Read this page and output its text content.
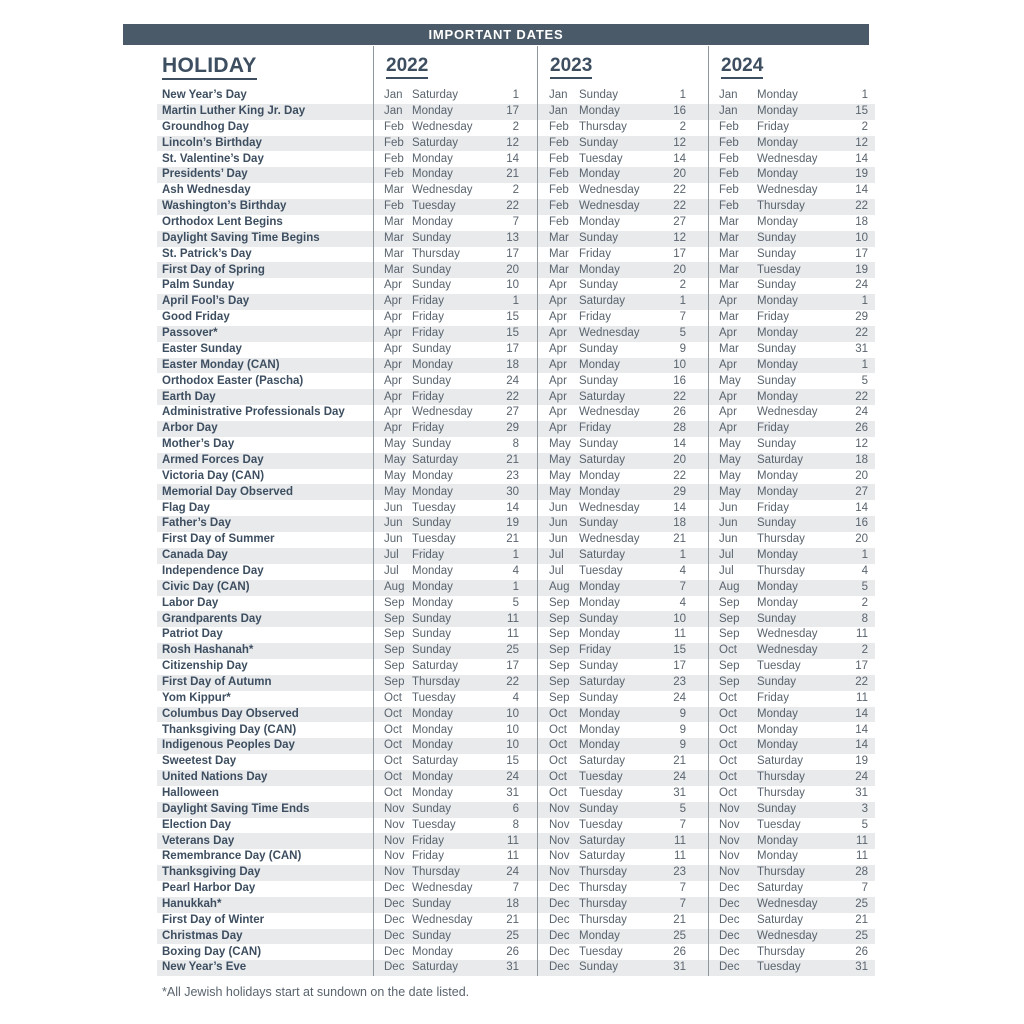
IMPORTANT DATES
HOLIDAY	2022	2023	2024
New Year’s Day	Jan Saturday	1	Jan Sunday	1	Jan	Monday	1
Martin Luther King Jr. Day	Jan Monday	17	Jan Monday	16	Jan	Monday	15
Groundhog Day	Feb Wednesday	2	Feb Thursday	2	Feb	Friday	2
Lincoln’s Birthday	Feb Saturday	12	Feb Sunday	12	Feb	Monday	12
St. Valentine’s Day	Feb Monday	14	Feb Tuesday	14	Feb	Wednesday	14
Presidents’ Day	Feb Monday	21	Feb Monday	20	Feb	Monday	19
Ash Wednesday	Mar Wednesday	2	Feb Wednesday	22	Feb	Wednesday	14
Washington’s Birthday	Feb Tuesday	22	Feb Wednesday	22	Feb	Thursday	22
Orthodox Lent Begins	Mar Monday	7	Feb Monday	27	Mar	Monday	18
Daylight Saving Time Begins	Mar Sunday	13	Mar Sunday	12	Mar	Sunday	10
St. Patrick’s Day	Mar Thursday	17	Mar Friday	17	Mar	Sunday	17
First Day of Spring	Mar Sunday	20	Mar Monday	20	Mar	Tuesday	19
Palm Sunday	Apr Sunday	10	Apr	Sunday	2	Mar	Sunday	24
April Fool’s Day	Apr Friday	1	Apr	Saturday	1	Apr	Monday	1
Good Friday	Apr Friday	15	Apr	Friday	7	Mar	Friday	29
Passover*	Apr Friday	15	Apr	Wednesday	5	Apr	Monday	22
Easter Sunday	Apr Sunday	17	Apr	Sunday	9	Mar	Sunday	31
Easter Monday (CAN)	Apr Monday	18	Apr	Monday	10	Apr	Monday	1
Orthodox Easter (Pascha)	Apr Sunday	24	Apr	Sunday	16	May	Sunday	5
Earth Day	Apr Friday	22	Apr	Saturday	22	Apr	Monday	22
Administrative Professionals Day	Apr Wednesday	27	Apr	Wednesday	26	Apr	Wednesday	24
Arbor Day	Apr Friday	29	Apr	Friday	28	Apr	Friday	26
Mother’s Day	May Sunday	8	May Sunday	14	May	Sunday	12
Armed Forces Day	May Saturday	21	May Saturday	20	May	Saturday	18
Victoria Day (CAN)	May Monday	23	May Monday	22	May	Monday	20
Memorial Day Observed	May Monday	30	May Monday	29	May	Monday	27
Flag Day	Jun Tuesday	14	Jun Wednesday	14	Jun	Friday	14
Father’s Day	Jun Sunday	19	Jun Sunday	18	Jun	Sunday	16
First Day of Summer	Jun Tuesday	21	Jun Wednesday	21	Jun	Thursday	20
Canada Day	Jul	Friday	1	Jul	Saturday	1	Jul	Monday	1
Independence Day	Jul	Monday	4	Jul	Tuesday	4	Jul	Thursday	4
Civic Day (CAN)	Aug Monday	1	Aug Monday	7	Aug	Monday	5
Labor Day	Sep Monday	5	Sep Monday	4	Sep	Monday	2
Grandparents Day	Sep Sunday	11	Sep Sunday	10	Sep	Sunday	8
Patriot Day	Sep Sunday	11	Sep Monday	11	Sep	Wednesday	11
Rosh Hashanah*	Sep Sunday	25	Sep Friday	15	Oct	Wednesday	2
Citizenship Day	Sep Saturday	17	Sep Sunday	17	Sep	Tuesday	17
First Day of Autumn	Sep Thursday	22	Sep Saturday	23	Sep	Sunday	22
Yom Kippur*	Oct Tuesday	4	Sep Sunday	24	Oct	Friday	11
Columbus Day Observed	Oct Monday	10	Oct	Monday	9	Oct	Monday	14
Thanksgiving Day (CAN)	Oct Monday	10	Oct	Monday	9	Oct	Monday	14
Indigenous Peoples Day	Oct Monday	10	Oct	Monday	9	Oct	Monday	14
Sweetest Day	Oct Saturday	15	Oct	Saturday	21	Oct	Saturday	19
United Nations Day	Oct Monday	24	Oct	Tuesday	24	Oct	Thursday	24
Halloween	Oct Monday	31	Oct	Tuesday	31	Oct	Thursday	31
Daylight Saving Time Ends	Nov Sunday	6	Nov Sunday	5	Nov	Sunday	3
Election Day	Nov Tuesday	8	Nov Tuesday	7	Nov	Tuesday	5
Veterans Day	Nov Friday	11	Nov Saturday	11	Nov	Monday	11
Remembrance Day (CAN)	Nov Friday	11	Nov Saturday	11	Nov	Monday	11
Thanksgiving Day	Nov Thursday	24	Nov Thursday	23	Nov	Thursday	28
Pearl Harbor Day	Dec Wednesday	7	Dec Thursday	7	Dec	Saturday	7
Hanukkah*	Dec Sunday	18	Dec Thursday	7	Dec	Wednesday	25
First Day of Winter	Dec Wednesday	21	Dec Thursday	21	Dec	Saturday	21
Christmas Day	Dec Sunday	25	Dec Monday	25	Dec	Wednesday	25
Boxing Day (CAN)	Dec Monday	26	Dec Tuesday	26	Dec	Thursday	26
New Year’s Eve	Dec Saturday	31	Dec Sunday	31	Dec	Tuesday	31
*All Jewish holidays start at sundown on the date listed.
